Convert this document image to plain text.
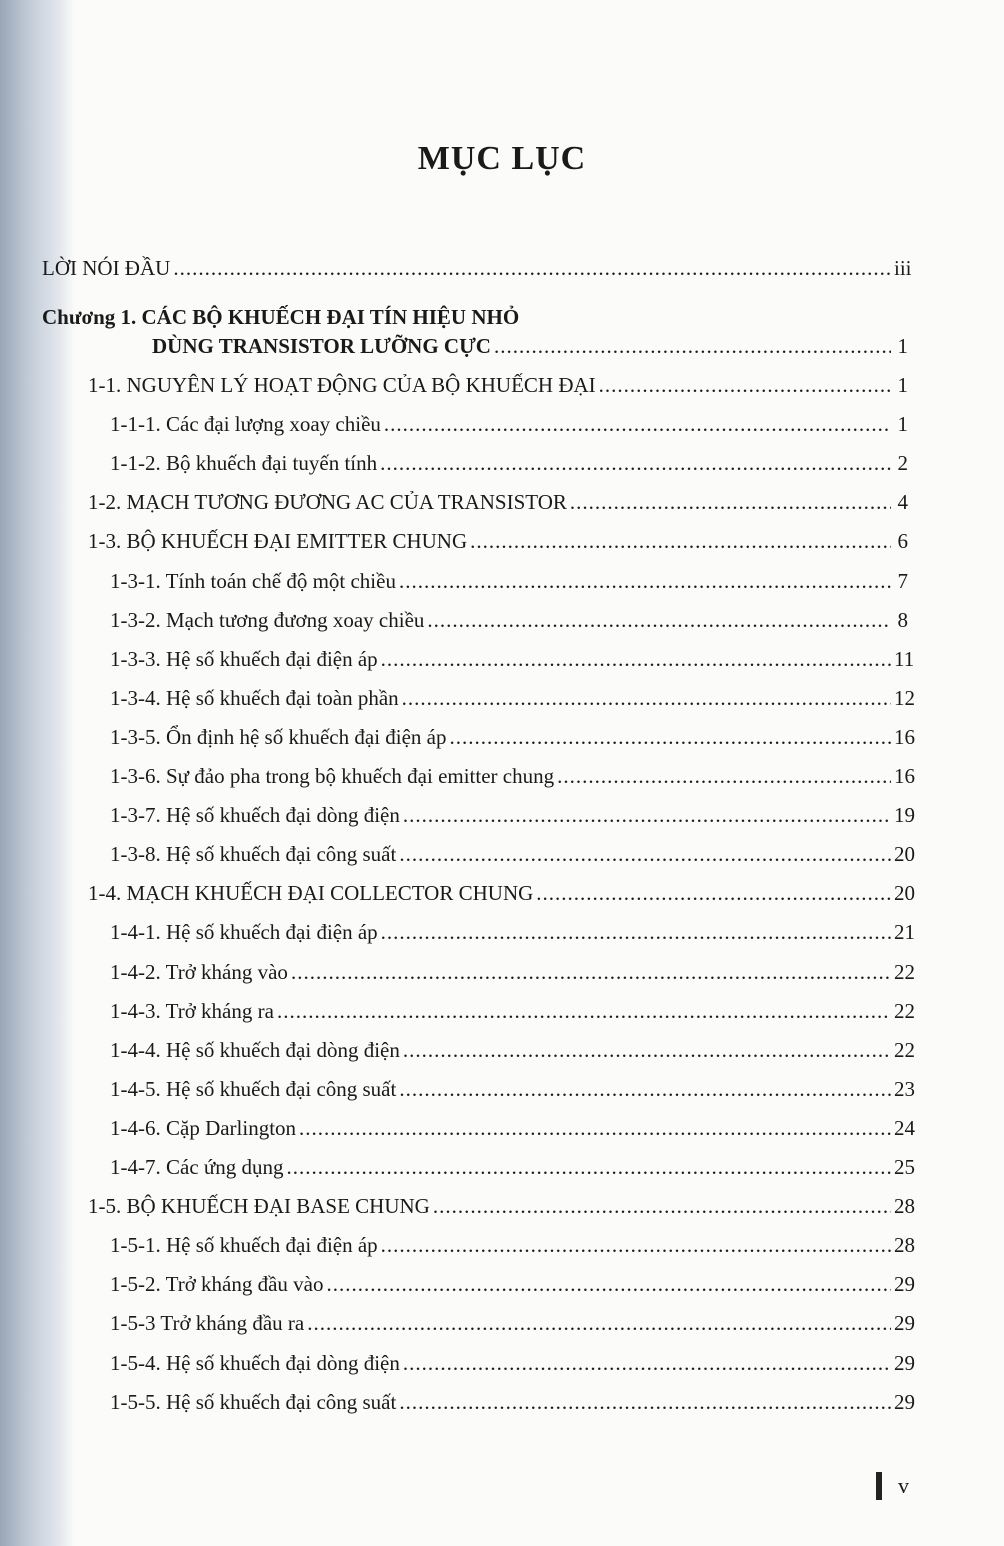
MỤC LỤC
LỜI NÓI ĐẦU .....	iii
Chương 1. CÁC BỘ KHUẾCH ĐẠI TÍN HIỆU NHỎ
DÙNG TRANSISTOR LƯỠNG CỰC .....	1
1-1. NGUYÊN LÝ HOẠT ĐỘNG CỦA BỘ KHUẾCH ĐẠI .....	1
1-1-1. Các đại lượng xoay chiều .....	1
1-1-2. Bộ khuếch đại tuyến tính .....	2
1-2. MẠCH TƯƠNG ĐƯƠNG AC CỦA TRANSISTOR .....	4
1-3. BỘ KHUẾCH ĐẠI EMITTER CHUNG .....	6
1-3-1. Tính toán chế độ một chiều .....	7
1-3-2. Mạch tương đương xoay chiều .....	8
1-3-3. Hệ số khuếch đại điện áp .....	11
1-3-4. Hệ số khuếch đại toàn phần .....	12
1-3-5. Ổn định hệ số khuếch đại điện áp .....	16
1-3-6. Sự đảo pha trong bộ khuếch đại emitter chung .....	16
1-3-7. Hệ số khuếch đại dòng điện .....	19
1-3-8. Hệ số khuếch đại công suất .....	20
1-4. MẠCH KHUẾCH ĐẠI COLLECTOR CHUNG .....	20
1-4-1. Hệ số khuếch đại điện áp .....	21
1-4-2. Trở kháng vào .....	22
1-4-3. Trở kháng ra .....	22
1-4-4. Hệ số khuếch đại dòng điện .....	22
1-4-5. Hệ số khuếch đại công suất .....	23
1-4-6. Cặp Darlington .....	24
1-4-7. Các ứng dụng .....	25
1-5. BỘ KHUẾCH ĐẠI BASE CHUNG .....	28
1-5-1. Hệ số khuếch đại điện áp .....	28
1-5-2. Trở kháng đầu vào .....	29
1-5-3 Trở kháng đầu ra .....	29
1-5-4. Hệ số khuếch đại dòng điện .....	29
1-5-5. Hệ số khuếch đại công suất .....	29
v
